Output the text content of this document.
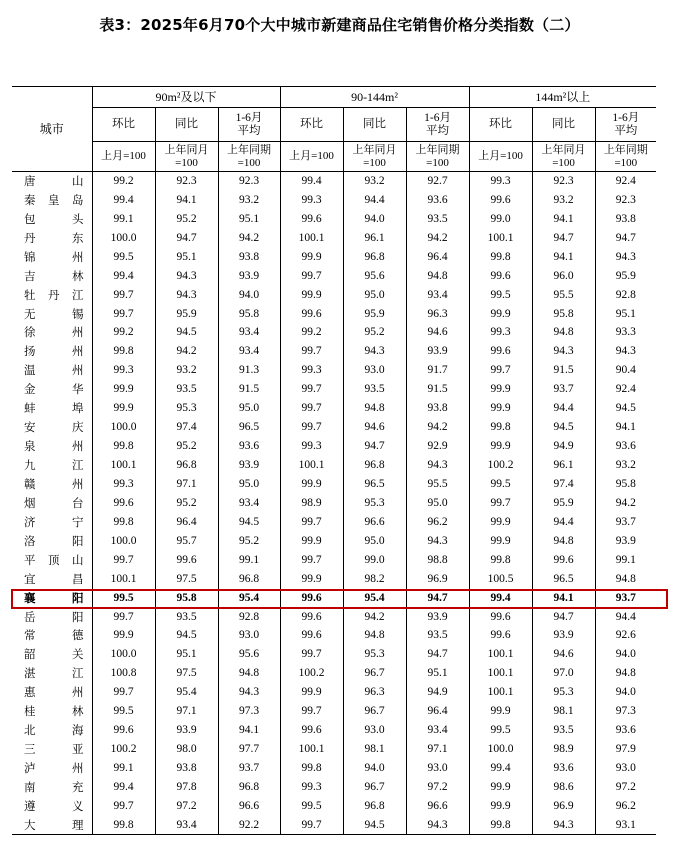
表3：2025年6月70个大中城市新建商品住宅销售价格分类指数（二）
城市	90m²及以下			90-144m²			144m²以上		
	环比	同比	1-6月平均	环比	同比	1-6月平均	环比	同比	1-6月平均
	上月=100	上年同月=100	上年同期=100	上月=100	上年同月=100	上年同期=100	上月=100	上年同月=100	上年同期=100
唐山	99.2	92.3	92.3	99.4	93.2	92.7	99.3	92.3	92.4
秦皇岛	99.4	94.1	93.2	99.3	94.4	93.6	99.6	93.2	92.3
包头	99.1	95.2	95.1	99.6	94.0	93.5	99.0	94.1	93.8
丹东	100.0	94.7	94.2	100.1	96.1	94.2	100.1	94.7	94.7
锦州	99.5	95.1	93.8	99.9	96.8	96.4	99.8	94.1	94.3
吉林	99.4	94.3	93.9	99.7	95.6	94.8	99.6	96.0	95.9
牡丹江	99.7	94.3	94.0	99.9	95.0	93.4	99.5	95.5	92.8
无锡	99.7	95.9	95.8	99.6	95.9	96.3	99.9	95.8	95.1
徐州	99.2	94.5	93.4	99.2	95.2	94.6	99.3	94.8	93.3
扬州	99.8	94.2	93.4	99.7	94.3	93.9	99.6	94.3	94.3
温州	99.3	93.2	91.3	99.3	93.0	91.7	99.7	91.5	90.4
金华	99.9	93.5	91.5	99.7	93.5	91.5	99.9	93.7	92.4
蚌埠	99.9	95.3	95.0	99.7	94.8	93.8	99.9	94.4	94.5
安庆	100.0	97.4	96.5	99.7	94.6	94.2	99.8	94.5	94.1
泉州	99.8	95.2	93.6	99.3	94.7	92.9	99.9	94.9	93.6
九江	100.1	96.8	93.9	100.1	96.8	94.3	100.2	96.1	93.2
赣州	99.3	97.1	95.0	99.9	96.5	95.5	99.5	97.4	95.8
烟台	99.6	95.2	93.4	98.9	95.3	95.0	99.7	95.9	94.2
济宁	99.8	96.4	94.5	99.7	96.6	96.2	99.9	94.4	93.7
洛阳	100.0	95.7	95.2	99.9	95.0	94.3	99.9	94.8	93.9
平顶山	99.7	99.6	99.1	99.7	99.0	98.8	99.8	99.6	99.1
宜昌	100.1	97.5	96.8	99.9	98.2	96.9	100.5	96.5	94.8
襄阳	99.5	95.8	95.4	99.6	95.4	94.7	99.4	94.1	93.7
岳阳	99.7	93.5	92.8	99.6	94.2	93.9	99.6	94.7	94.4
常德	99.9	94.5	93.0	99.6	94.8	93.5	99.6	93.9	92.6
韶关	100.0	95.1	95.6	99.7	95.3	94.7	100.1	94.6	94.0
湛江	100.8	97.5	94.8	100.2	96.7	95.1	100.1	97.0	94.8
惠州	99.7	95.4	94.3	99.9	96.3	94.9	100.1	95.3	94.0
桂林	99.5	97.1	97.3	99.7	96.7	96.4	99.9	98.1	97.3
北海	99.6	93.9	94.1	99.6	93.0	93.4	99.5	93.5	93.6
三亚	100.2	98.0	97.7	100.1	98.1	97.1	100.0	98.9	97.9
泸州	99.1	93.8	93.7	99.8	94.0	93.0	99.4	93.6	93.0
南充	99.4	97.8	96.8	99.3	96.7	97.2	99.9	98.6	97.2
遵义	99.7	97.2	96.6	99.5	96.8	96.6	99.9	96.9	96.2
大理	99.8	93.4	92.2	99.7	94.5	94.3	99.8	94.3	93.1
